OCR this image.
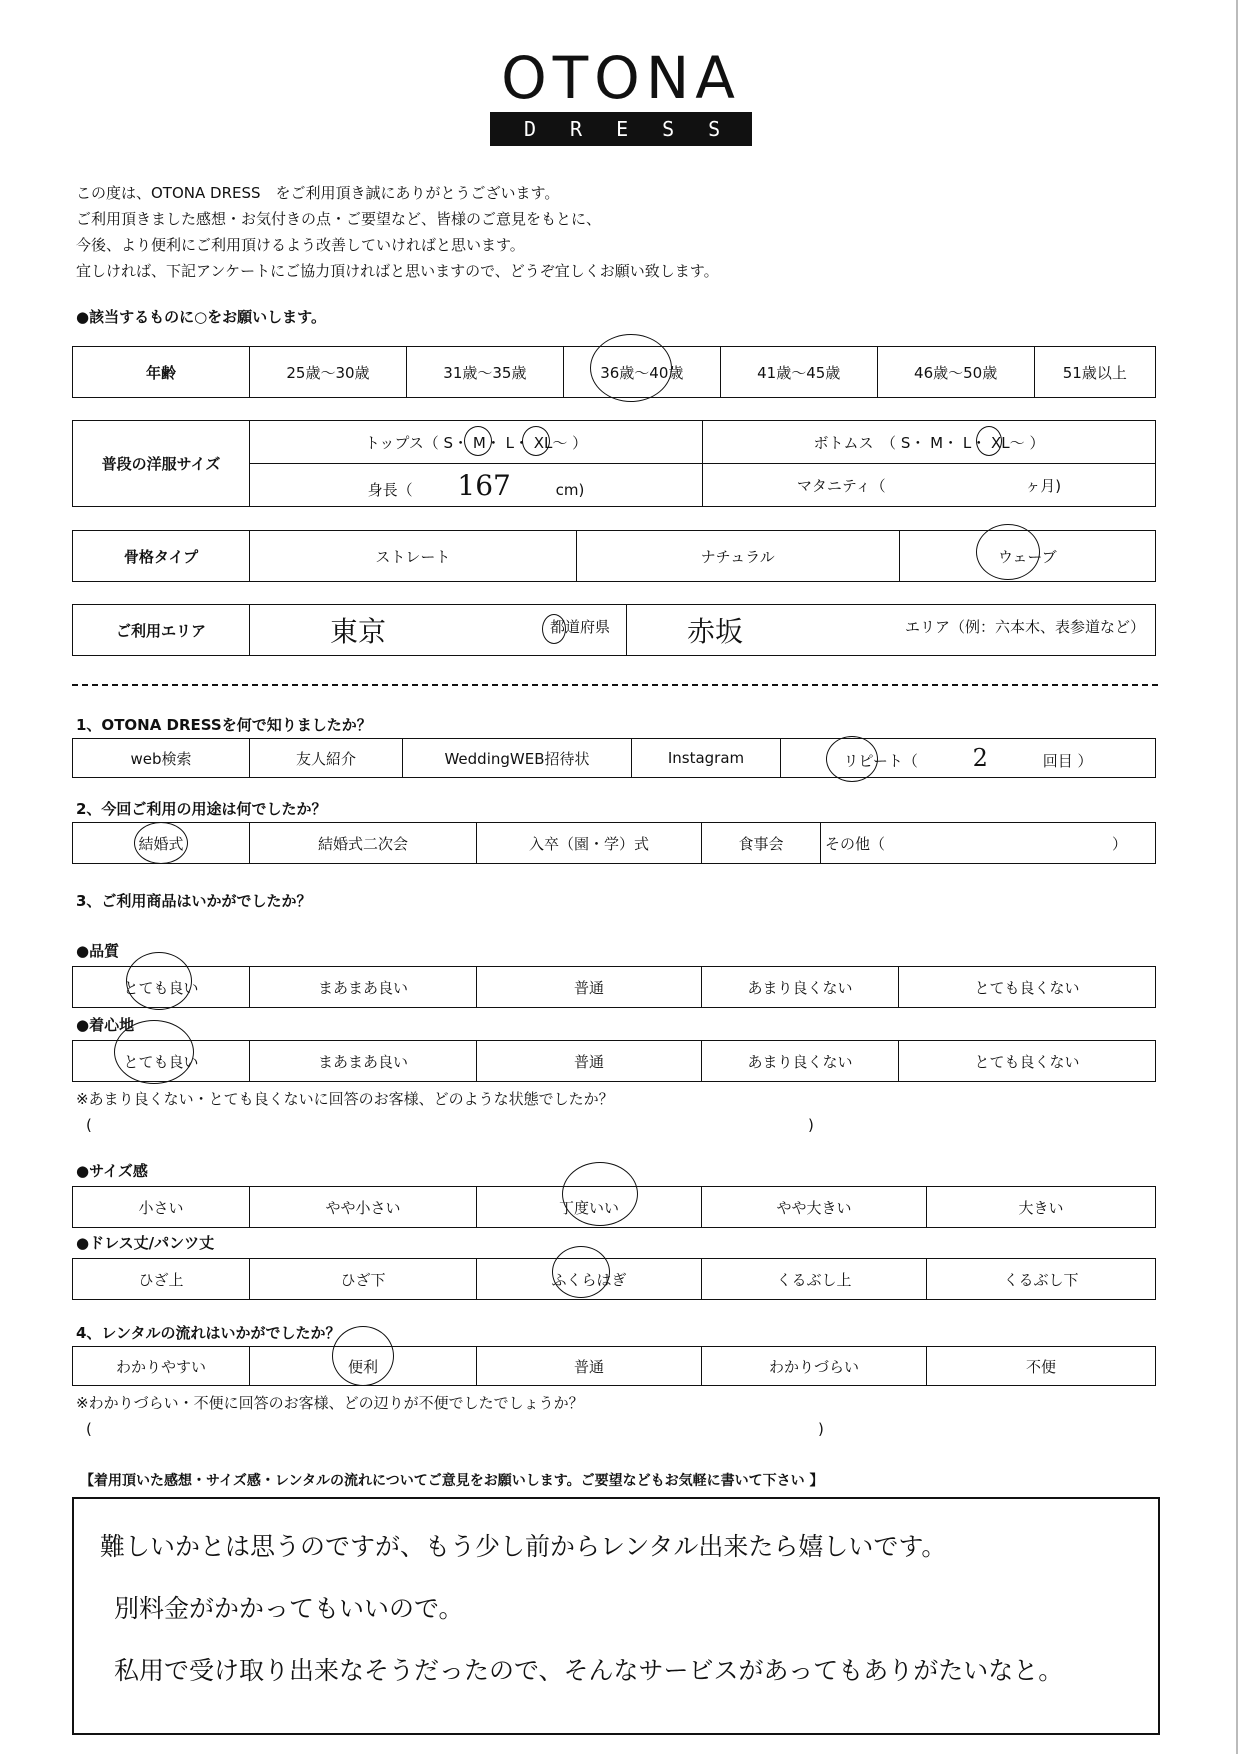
OTONA
DRESS
この度は、OTONA DRESS　をご利用頂き誠にありがとうございます。
ご利用頂きました感想・お気付きの点・ご要望など、皆様のご意見をもとに、
今後、より便利にご利用頂けるよう改善していければと思います。
宜しければ、下記アンケートにご協力頂ければと思いますので、どうぞ宜しくお願い致します。
●該当するものに○をお願いします。
年齢	25歳～30歳	31歳～35歳	36歳～40歳	41歳～45歳	46歳～50歳	51歳以上
普段の洋服サイズ	トップス（ S・ M・ L・ XL～ ）	ボトムス　（ S・ M・ L・ XL～ ）
	身長（ 167 cm)	マタニティ（ ヶ月)
骨格タイプ	ストレート	ナチュラル	ウェーブ
ご利用エリア	東京	都道府県	赤坂	エリア（例：六本木、表参道など）
1、OTONA DRESSを何で知りましたか？
web検索	友人紹介	WeddingWEB招待状	Instagram	リピート（ 2	回目 ）
2、今回ご利用の用途は何でしたか？
結婚式	結婚式二次会	入卒（園・学）式	食事会	その他（	）
3、ご利用商品はいかがでしたか？
●品質
とても良い	まあまあ良い	普通	あまり良くない	とても良くない
●着心地
とても良い	まあまあ良い	普通	あまり良くない	とても良くない
※あまり良くない・とても良くないに回答のお客様、どのような状態でしたか？
(	)
●サイズ感
小さい	やや小さい	丁度いい	やや大きい	大きい
●ドレス丈/パンツ丈
ひざ上	ひざ下	ふくらはぎ	くるぶし上	くるぶし下
4、レンタルの流れはいかがでしたか？
わかりやすい	便利	普通	わかりづらい	不便
※わかりづらい・不便に回答のお客様、どの辺りが不便でしたでしょうか？
(	)
【着用頂いた感想・サイズ感・レンタルの流れについてご意見をお願いします。ご要望などもお気軽に書いて下さい 】
難しいかとは思うのですが、もう少し前からレンタル出来たら嬉しいです。
別料金がかかってもいいので。
私用で受け取り出来なそうだったので、そんなサービスがあってもありがたいなと。
